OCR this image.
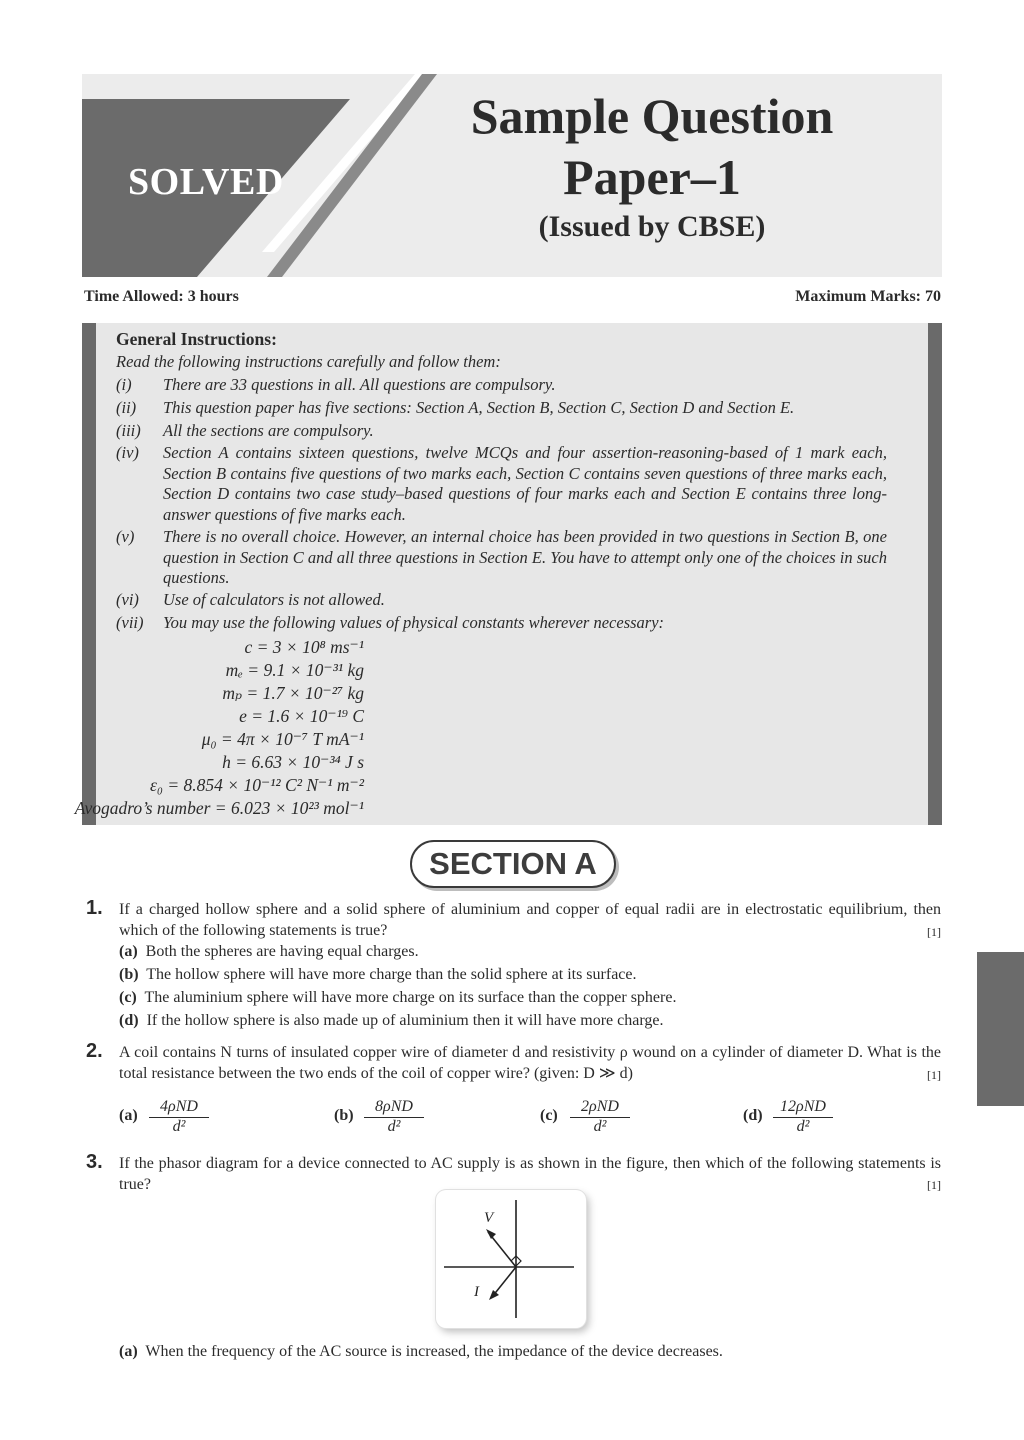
SOLVED
Sample Question
Paper–1
(Issued by CBSE)
Time Allowed: 3 hours	Maximum Marks: 70
General Instructions:
Read the following instructions carefully and follow them:
(i) There are 33 questions in all. All questions are compulsory.
(ii) This question paper has five sections: Section A, Section B, Section C, Section D and Section E.
(iii) All the sections are compulsory.
(iv) Section A contains sixteen questions, twelve MCQs and four assertion-reasoning-based of 1 mark each, Section B contains five questions of two marks each, Section C contains seven questions of three marks each, Section D contains two case study–based questions of four marks each and Section E contains three long-answer questions of five marks each.
(v) There is no overall choice. However, an internal choice has been provided in two questions in Section B, one question in Section C and all three questions in Section E. You have to attempt only one of the choices in such questions.
(vi) Use of calculators is not allowed.
(vii) You may use the following values of physical constants wherever necessary:
c = 3 × 10⁸ ms⁻¹
mₑ = 9.1 × 10⁻³¹ kg
mₚ = 1.7 × 10⁻²⁷ kg
e = 1.6 × 10⁻¹⁹ C
μ₀ = 4π × 10⁻⁷ T mA⁻¹
h = 6.63 × 10⁻³⁴ J s
ε₀ = 8.854 × 10⁻¹² C² N⁻¹ m⁻²
Avogadro’s number = 6.023 × 10²³ mol⁻¹
SECTION A
1. If a charged hollow sphere and a solid sphere of aluminium and copper of equal radii are in electrostatic equilibrium, then which of the following statements is true?	[1]
(a) Both the spheres are having equal charges.
(b) The hollow sphere will have more charge than the solid sphere at its surface.
(c) The aluminium sphere will have more charge on its surface than the copper sphere.
(d) If the hollow sphere is also made up of aluminium then it will have more charge.
2. A coil contains N turns of insulated copper wire of diameter d and resistivity ρ wound on a cylinder of diameter D. What is the total resistance between the two ends of the coil of copper wire? (given: D ≫ d)	[1]
(a)
4ρND
d²
(b)
8ρND
d²
(c)
2ρND
d²
(d)
12ρND
d²
3. If the phasor diagram for a device connected to AC supply is as shown in the figure, then which of the following statements is true?	[1]
V
I
(a) When the frequency of the AC source is increased, the impedance of the device decreases.
